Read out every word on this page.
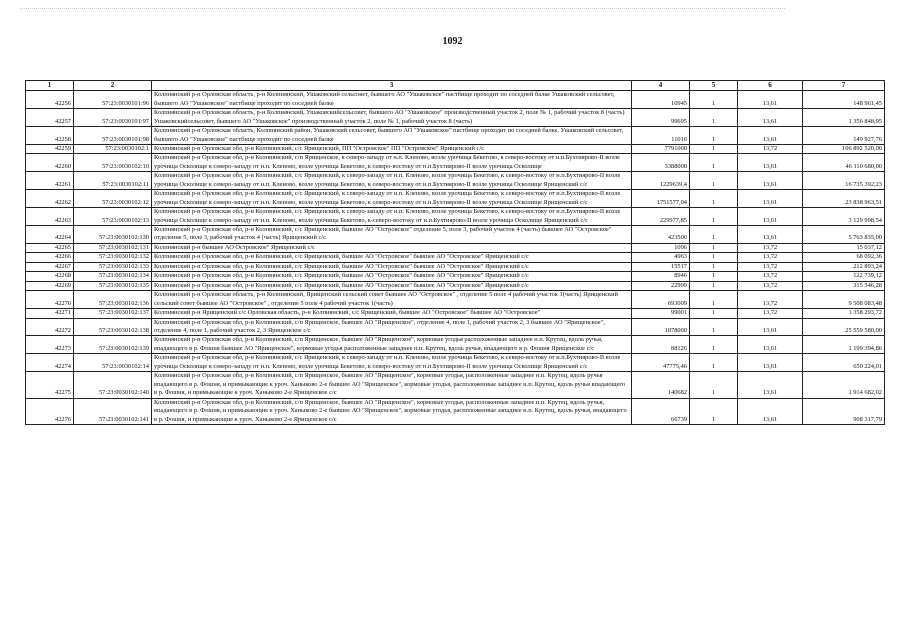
1092
1	2	3	4	5	6	7
42256	57:23:0030101:96	Колпнянский р-н Орловская область, р-н Колпнянский, Ушаковский сельсовет, бывшего АО "Ушаковское" пастбище проходит по соседней балке Ушаковский сельсовет, бывшего АО "Ушаковское" пастбище проходит по соседней балке	10945	1	13,61	148 961,45
42257	57:23:0030101:97	Колпнянский р-н Орловская область, р-н Колпнянский, Ушаковскийсельсовет, бывшего АО "Ушаковское" производственный участок 2, поле № 1, рабочий участок 8 (часть) Ушаковскийсельсовет, бывшего АО "Ушаковское" производственный участок 2, поле № 1, рабочий участок 8 (часть)	99695	1	13,61	1 356 848,95
42258	57:23:0030101:98	Колпнянский р-н Орловская область, Колпнянский район, Ушаковский сельсовет, бывшего АО "Ушаковское" пастбище проходит по соседней балке. Ушаковский сельсовет, бывшего АО "Ушаковское" пастбище проходит по соседней балке	11016	1	13,61	149 927,76
42259	57:23:0030102:1	Колпнянский р-н Орловская обл, р-н Колпнянский, с/с Ярищенский, ПП "Островское" ПП "Островское" Ярищенский с/с	7791000	1	13,72	106 892 520,00
42260	57:23:0030102:10	Колпнянский р-н Орловская обл, р-н Колпнянский, с/п Ярищенское, к северо-западу от н.п. Кленово, возле урочища Бекетово, к северо-востоку от н.п.Бухтиярово-II возле урочища Осколище к северо-западу от н.п. Кленово, возле урочища Бекетово, к северо-востоку от н.п.Бухтиярово-II возле урочища Осколище	3388000	1	13,61	46 110 680,00
42261	57:23:0030102:11	Колпнянский р-н Орловская обл, р-н Колпнянский, с/с Ярищенский, к северо-западу от н.п. Кленово, возле урочища Бекетово, к северо-востоку от н.п.Бухтиярово-II возле урочища Осколище к северо-западу от н.п. Кленово, возле урочища Бекетово, к северо-востоку от н.п.Бухтиярово-II возле урочища Осколище Ярищенский с/с	1229639,4	1	13,61	16 735 392,23
42262	57:23:0030102:12	Колпнянский р-н Орловская обл, р-н Колпнянский, с/с Ярищенский, к северо-западу от н.п. Кленово, возле урочища Бекетово, к северо-востоку от н.п.Бухтиярово-II возле урочища Осколище к северо-западу от н.п. Кленово, возле урочища Бекетово, к северо-востоку от н.п.Бухтиярово-II возле урочища Осколище Ярищенский с/с	1751577,04	1	13,61	23 838 963,51
42263	57:23:0030102:13	Колпнянский р-н Орловская обл, р-н Колпнянский, с/с Ярищенский, к северо-западу от н.п. Кленово, возле урочища Бекетово, к северо-востоку от н.п.Бухтиярово-II возле урочища Осколище к северо-западу от н.п. Кленово, возле урочища Бекетово, к-северо-востоку от н.п.Бухтиярово-II возле урочища Осколище Ярищенский с/с	229977,85	1	13,61	3 129 998,54
42264	57:23:0030102:130	Колпнянский р-н Орловская обл, р-н Колпнянский, с/с Ярищенский, бывшее АО "Островское" отделение 5, поле 3, рабочий участок 4 (часть) бывшее АО "Островское" отделение 5, поле 3, рабочий участок 4 (часть) Ярищенский с/с	423500	1	13,61	5 763 835,00
42265	57:23:0030102:131	Колпнянский р-н бывшее АО Островское" Ярищенский с/с	1096	1	13,72	15 037,12
42266	57:23:0030102:132	Колпнянский р-н Орловская обл, р-н Колпнянский, с/с Ярищенский, бывшее АО "Островское" бывшее АО "Островское" Ярищенский с/с	4963	1	13,72	68 092,36
42267	57:23:0030102:133	Колпнянский р-н Орловская обл, р-н Колпнянский, с/с Ярищенский, бывшее АО "Островское" бывшее АО "Островское" Ярищенский с/с	15517	1	13,72	212 893,24
42268	57:23:0030102:134	Колпнянский р-н Орловская обл, р-н Колпнянский, с/с Ярищенский, бывшее АО "Островское" бывшее АО "Островское" Ярищенский с/с	8946	1	13,72	122 739,12
42269	57:23:0030102:135	Колпнянский р-н Орловская обл, р-н Колпнянский, с/с Ярищенский, бывшее АО "Островское" бывшее АО "Островское" Ярищенский с/с	22999	1	13,72	315 546,28
42270	57:23:0030102:136	Колпнянский р-н Орловская область, р-н Колпнянский, Ярищенский сельский совет бывшее АО "Островское" , отделение 5 поле 4 рабочий участок 1(часть) Ярищенский сельский совет бывшее АО "Островское" , отделение 5 поле 4 рабочий участок 1(часть)	693009	1	13,72	9 508 083,48
42271	57:23:0030102:137	Колпнянский р-н Ярищенский с/с Орловская область, р-н Колпнянский, с/с Ярищенский, бывшее АО "Островское" бывшее АО "Островское"	99001	1	13,72	1 358 293,72
42272	57:23:0030102:138	Колпнянский р-н Орловская обл, р-н Колпнянский, с/п Ярищенское, бывшее АО "Ярищенское", отделение 4, поле 1, рабочий участок 2, 3 бывшее АО "Ярищенское", отделение 4, поле 1, рабочий участок 2, 3 Ярищенское с/с	1878000	1	13,61	25 559 580,00
42273	57:23:0030102:139	Колпнянский р-н Орловская обл, р-н Колпнянский, с/п Ярищенское, бывшее АО "Ярищенское", кормовые угодья расположенные западнее н.п. Крутец, вдоль ручья, впадающего в р. Фошня бывшее АО "Ярищенское", кормовые угодья расположенные западнее н.п. Крутец, вдоль ручья, впадающего в р. Фошня Ярищенское с/с	88126	1	13,61	1 199 394,86
42274	57:23:0030102:14	Колпнянский р-н Орловская обл, р-н Колпнянский, с/с Ярищенский, к северо-западу от н.п. Кленово, возле урочища Бекетово, к северо-востоку от н.п.Бухтиярово-II возле урочища Осколище к северо-западу от н.п. Кленово, возле урочища Бекетово, к северо-востоку от н.п.Бухтиярово-II возле урочища Осколище Ярищенский с/с	47775,46	1	13,61	650 224,01
42275	57:23:0030102:140	Колпнянский р-н Орловская обл, р-н Колпнянский, с/п Ярищенское, бывшее АО "Ярищенское", кормовые угодья, расположенные западнее н.п. Крутец, вдоль ручья впадающего в р. Фошня, и примыкающие к уроч. Ханыково 2-е бывшее АО "Ярищенское", кормовые угодья, расположенные западнее н.п. Крутец, вдоль ручья впадающего в р. Фошня, и примыкающие к уроч. Ханыково 2-е Ярищенское с/с	140682	1	13,61	1 914 682,02
42276	57:23:0030102:141	Колпнянский р-н Орловская обл, р-н Колпнянский, с/п Ярищенское, бывшее АО "Ярищенское", кормовые угодья, расположенные западнее н.п. Крутец, вдоль ручья, впадающего в р. Фошня, и примыкающие к уроч. Ханыково 2-е бывшее АО "Ярищенское", кормовые угодья, расположенные западнее н.п. Крутец, вдоль ручья, впадающего в р. Фошня, и примыкающие к уроч. Ханыково 2-е Ярищенское с/с	66739	1	13,61	908 317,79
